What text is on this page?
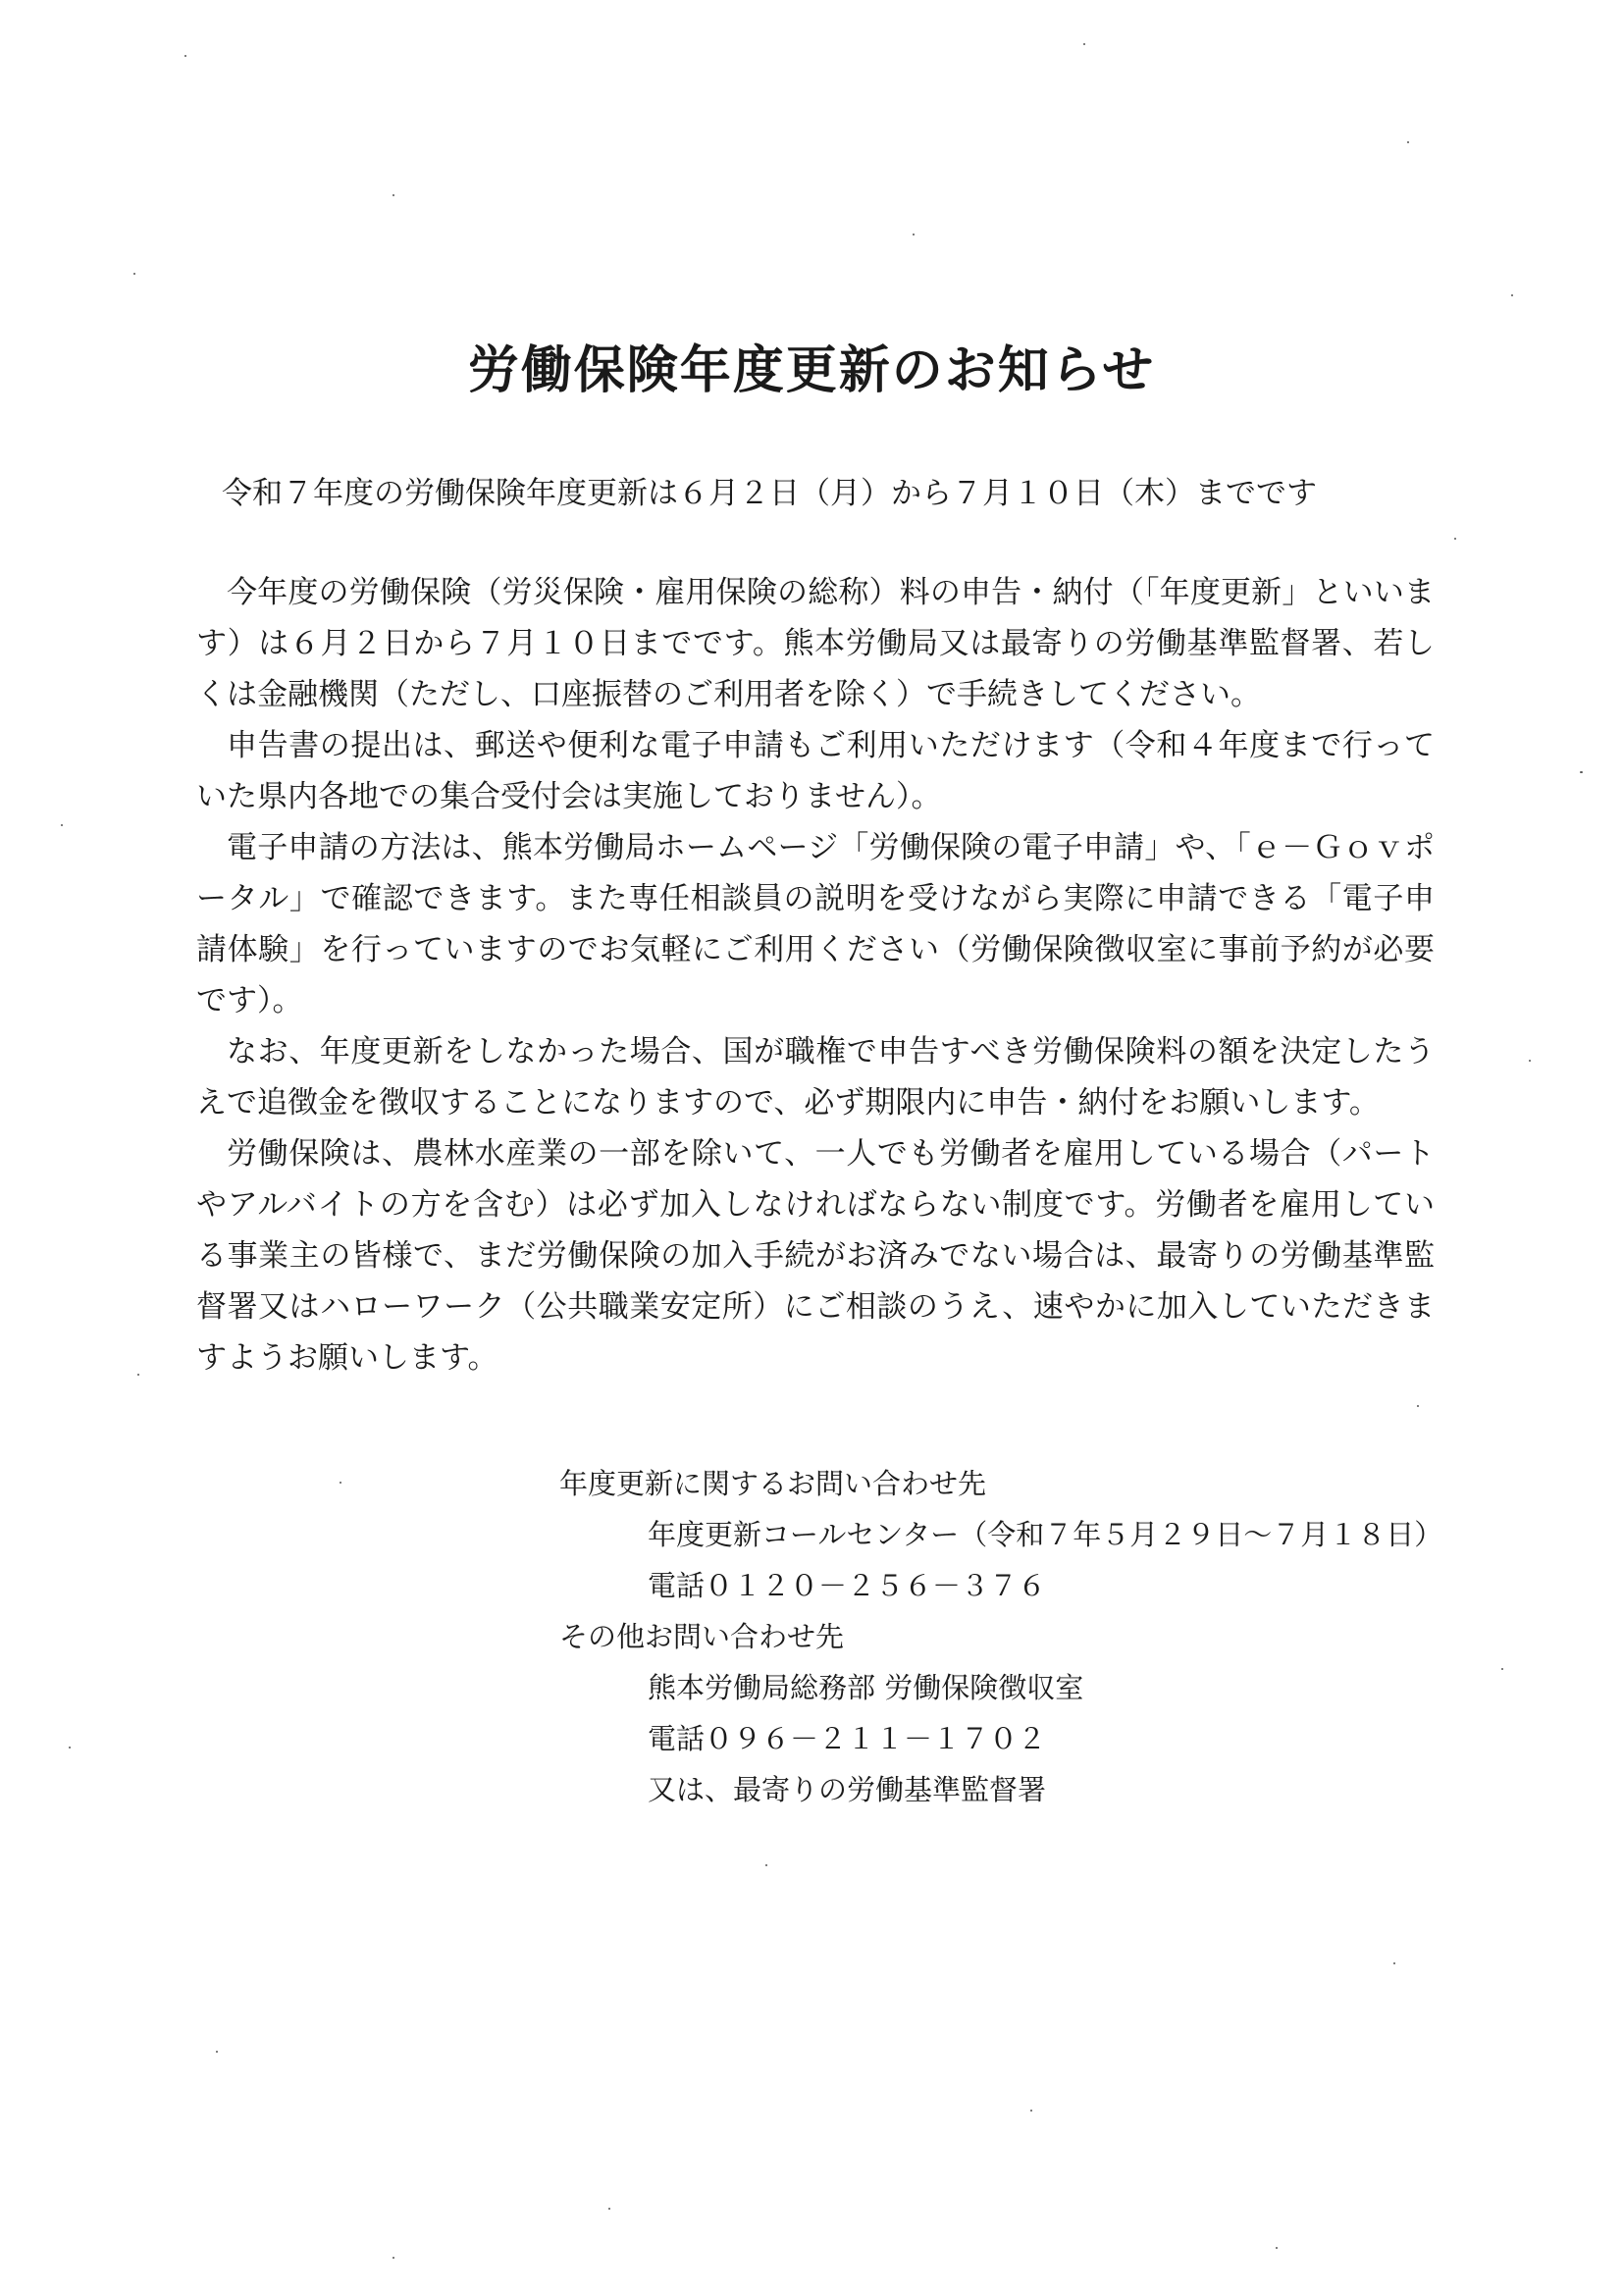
労働保険年度更新のお知らせ

令和７年度の労働保険年度更新は６月２日（月）から７月１０日（木）までです

今年度の労働保険（労災保険・雇用保険の総称）料の申告・納付（「年度更新」といいます）は６月２日から７月１０日までです。熊本労働局又は最寄りの労働基準監督署、若しくは金融機関（ただし、口座振替のご利用者を除く）で手続きしてください。

申告書の提出は、郵送や便利な電子申請もご利用いただけます（令和４年度まで行っていた県内各地での集合受付会は実施しておりません）。

電子申請の方法は、熊本労働局ホームページ「労働保険の電子申請」や、「ｅ－Ｇｏｖポータル」で確認できます。また専任相談員の説明を受けながら実際に申請できる「電子申請体験」を行っていますのでお気軽にご利用ください（労働保険徴収室に事前予約が必要です）。

なお、年度更新をしなかった場合、国が職権で申告すべき労働保険料の額を決定したうえで追徴金を徴収することになりますので、必ず期限内に申告・納付をお願いします。

労働保険は、農林水産業の一部を除いて、一人でも労働者を雇用している場合（パートやアルバイトの方を含む）は必ず加入しなければならない制度です。労働者を雇用している事業主の皆様で、まだ労働保険の加入手続がお済みでない場合は、最寄りの労働基準監督署又はハローワーク（公共職業安定所）にご相談のうえ、速やかに加入していただきますようお願いします。

年度更新に関するお問い合わせ先

年度更新コールセンター（令和７年５月２９日～７月１８日）

電話０１２０－２５６－３７６

その他お問い合わせ先

熊本労働局総務部 労働保険徴収室

電話０９６－２１１－１７０２

又は、最寄りの労働基準監督署
